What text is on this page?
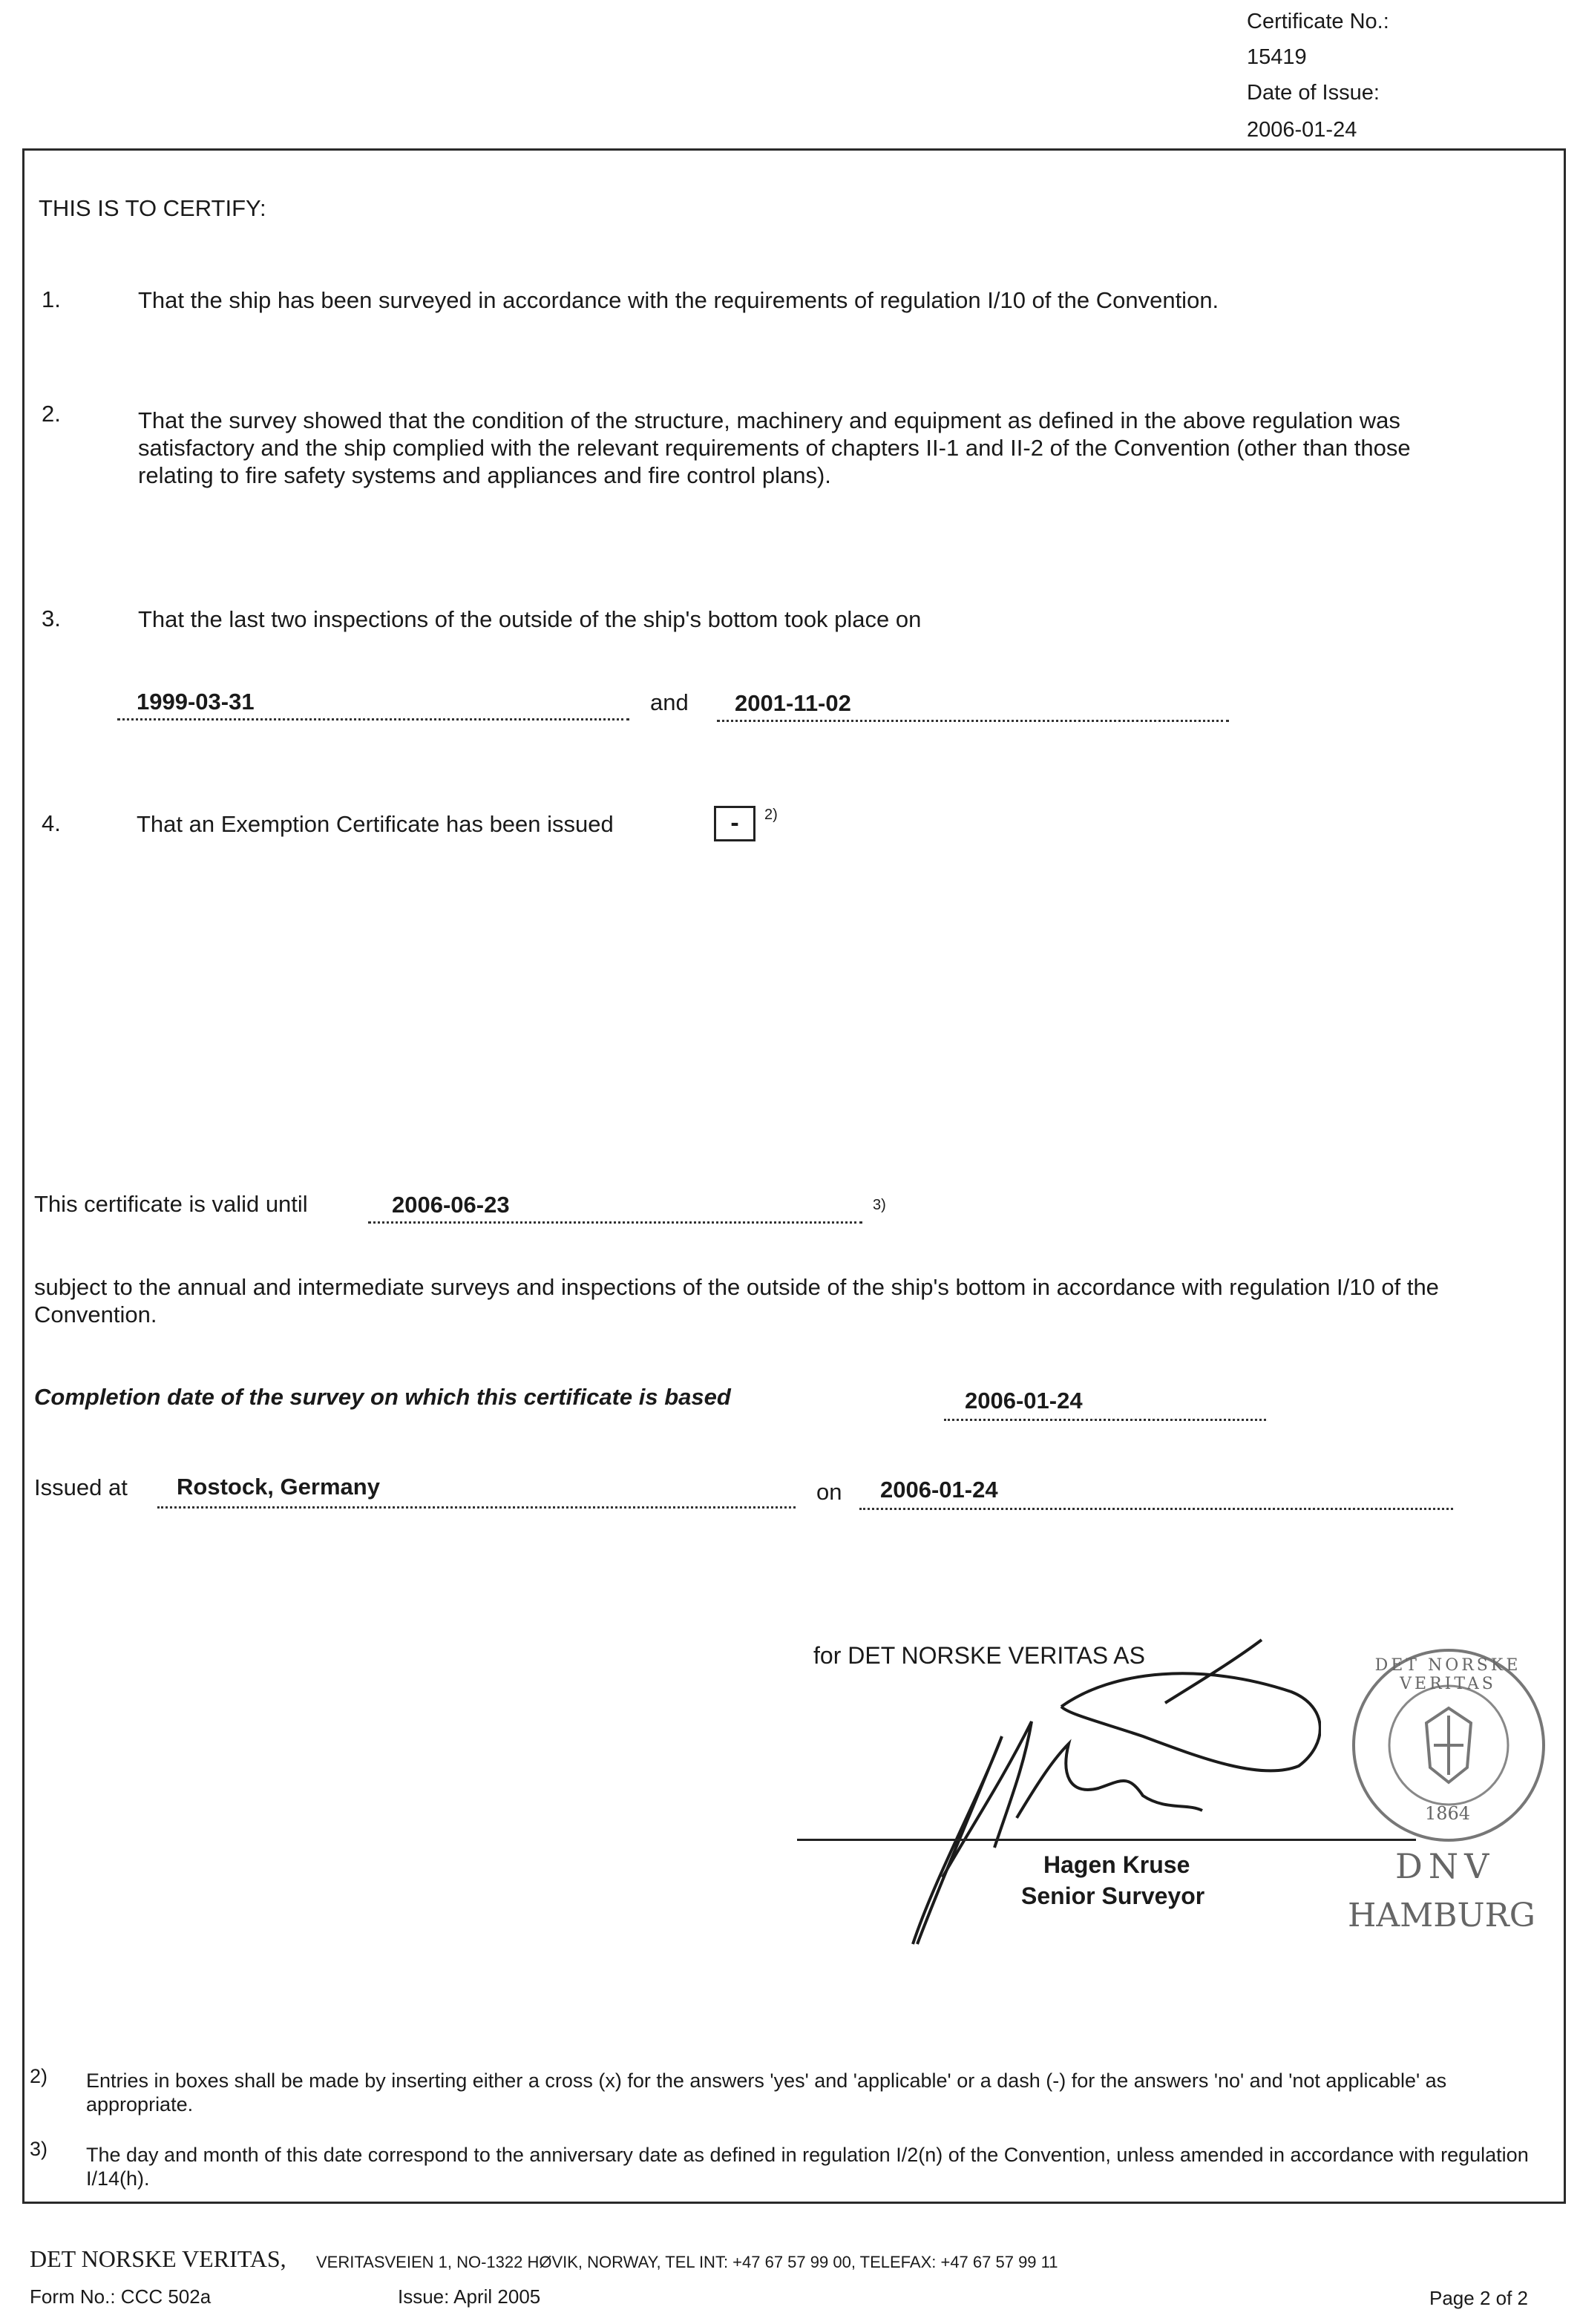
Certificate No.:
15419
Date of Issue:
2006-01-24
THIS IS TO CERTIFY:
1.	That the ship has been surveyed in accordance with the requirements of regulation I/10 of the Convention.
2.	That the survey showed that the condition of the structure, machinery and equipment as defined in the above regulation was satisfactory and the ship complied with the relevant requirements of chapters II-1 and II-2 of the Convention (other than those relating to fire safety systems and appliances and fire control plans).
3.	That the last two inspections of the outside of the ship's bottom took place on
1999-03-31	and 2001-11-02
4.	That an Exemption Certificate has been issued	-	2)
This certificate is valid until	2006-06-23	3)
subject to the annual and intermediate surveys and inspections of the outside of the ship's bottom in accordance with regulation I/10 of the Convention.
Completion date of the survey on which this certificate is based	2006-01-24
Issued at Rostock, Germany	on 2006-01-24
for DET NORSKE VERITAS AS
Hagen Kruse
Senior Surveyor
DET NORSKE VERITAS
1864
DNV
HAMBURG
2) Entries in boxes shall be made by inserting either a cross (x) for the answers 'yes' and 'applicable' or a dash (-) for the answers 'no' and 'not applicable' as appropriate.
3) The day and month of this date correspond to the anniversary date as defined in regulation I/2(n) of the Convention, unless amended in accordance with regulation I/14(h).
DET NORSKE VERITAS, VERITASVEIEN 1, NO-1322 HØVIK, NORWAY, TEL INT: +47 67 57 99 00, TELEFAX: +47 67 57 99 11
Form No.: CCC 502a	Issue: April 2005	Page 2 of 2
